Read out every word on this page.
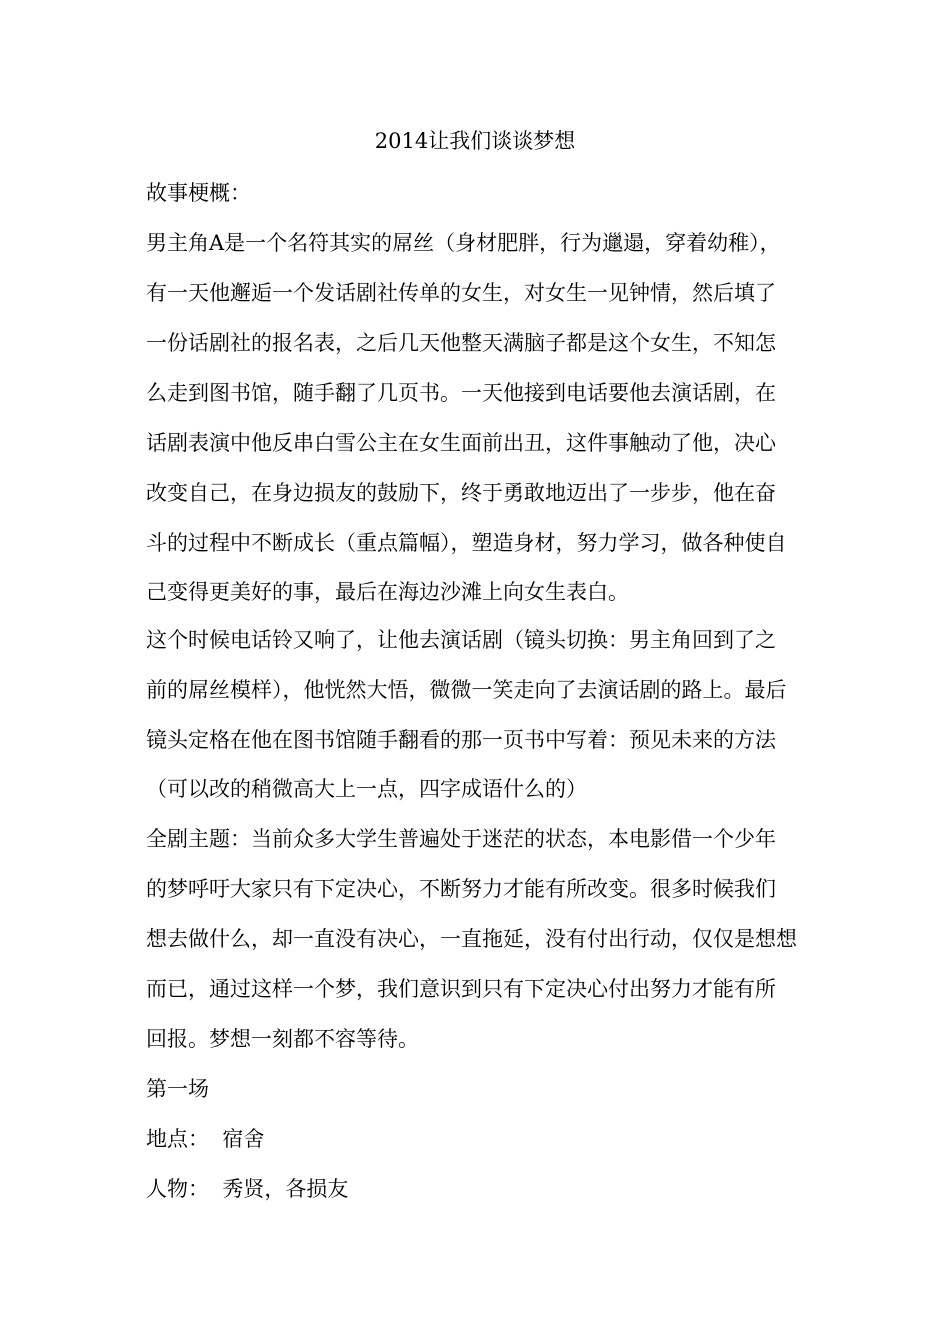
2014让我们谈谈梦想
故事梗概：
男主角A是一个名符其实的屌丝（身材肥胖，行为邋遢，穿着幼稚），
有一天他邂逅一个发话剧社传单的女生，对女生一见钟情，然后填了
一份话剧社的报名表，之后几天他整天满脑子都是这个女生，不知怎
么走到图书馆，随手翻了几页书。一天他接到电话要他去演话剧，在
话剧表演中他反串白雪公主在女生面前出丑，这件事触动了他，决心
改变自己，在身边损友的鼓励下，终于勇敢地迈出了一步步，他在奋
斗的过程中不断成长（重点篇幅），塑造身材，努力学习，做各种使自
己变得更美好的事，最后在海边沙滩上向女生表白。
这个时候电话铃又响了，让他去演话剧（镜头切换：男主角回到了之
前的屌丝模样），他恍然大悟，微微一笑走向了去演话剧的路上。最后
镜头定格在他在图书馆随手翻看的那一页书中写着：预见未来的方法
（可以改的稍微高大上一点，四字成语什么的）
全剧主题：当前众多大学生普遍处于迷茫的状态，本电影借一个少年
的梦呼吁大家只有下定决心，不断努力才能有所改变。很多时候我们
想去做什么，却一直没有决心，一直拖延，没有付出行动，仅仅是想想
而已，通过这样一个梦，我们意识到只有下定决心付出努力才能有所
回报。梦想一刻都不容等待。
第一场
地点：  宿舍
人物：  秀贤，各损友
